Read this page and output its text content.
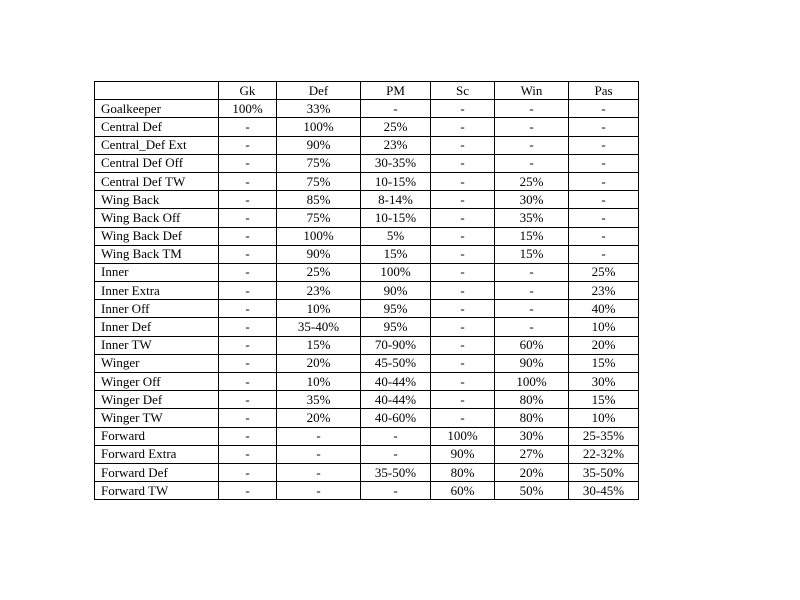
	Gk	Def	PM	Sc	Win	Pas
Goalkeeper	100%	33%	-	-	-	-
Central Def	-	100%	25%	-	-	-
Central_Def Ext	-	90%	23%	-	-	-
Central Def Off	-	75%	30-35%	-	-	-
Central Def TW	-	75%	10-15%	-	25%	-
Wing Back	-	85%	8-14%	-	30%	-
Wing Back Off	-	75%	10-15%	-	35%	-
Wing Back Def	-	100%	5%	-	15%	-
Wing Back TM	-	90%	15%	-	15%	-
Inner	-	25%	100%	-	-	25%
Inner Extra	-	23%	90%	-	-	23%
Inner Off	-	10%	95%	-	-	40%
Inner Def	-	35-40%	95%	-	-	10%
Inner TW	-	15%	70-90%	-	60%	20%
Winger	-	20%	45-50%	-	90%	15%
Winger Off	-	10%	40-44%	-	100%	30%
Winger Def	-	35%	40-44%	-	80%	15%
Winger TW	-	20%	40-60%	-	80%	10%
Forward	-	-	-	100%	30%	25-35%
Forward Extra	-	-	-	90%	27%	22-32%
Forward Def	-	-	35-50%	80%	20%	35-50%
Forward TW	-	-	-	60%	50%	30-45%
